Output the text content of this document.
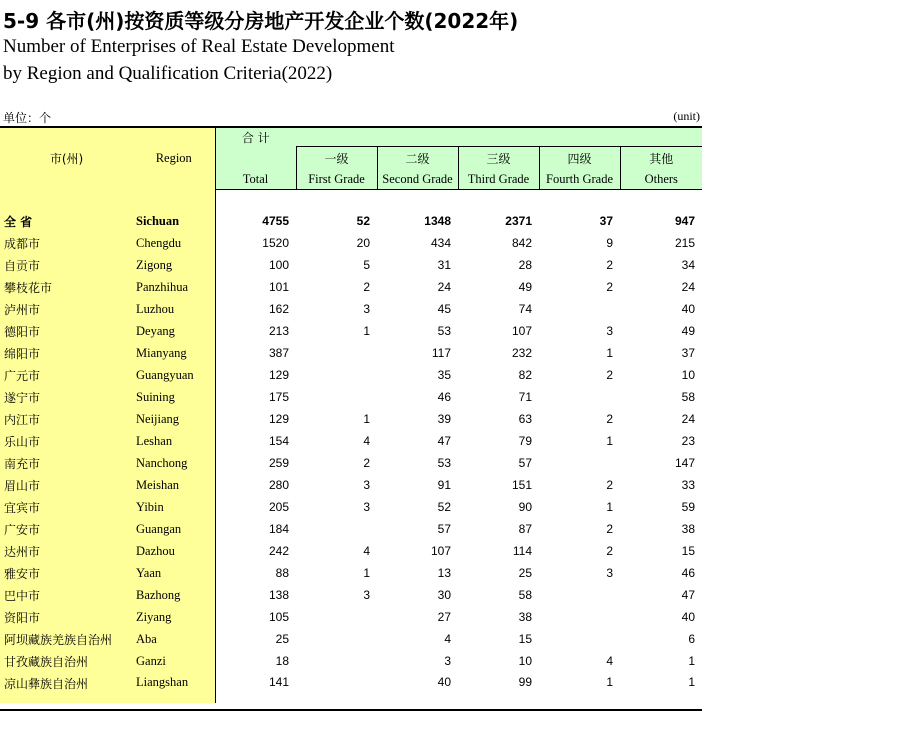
5-9 各市(州)按资质等级分房地产开发企业个数(2022年)
Number of Enterprises of Real Estate Development
by Region and Qualification Criteria(2022)
单位：个	(unit)
市(州)	Region	合 计					
			一级	二级	三级	四级	其他
		Total	First Grade	Second Grade	Third Grade	Fourth Grade	Others

全 省	Sichuan	4755	52	1348	2371	37	947
成都市	Chengdu	1520	20	434	842	9	215
自贡市	Zigong	100	5	31	28	2	34
攀枝花市	Panzhihua	101	2	24	49	2	24
泸州市	Luzhou	162	3	45	74		40
德阳市	Deyang	213	1	53	107	3	49
绵阳市	Mianyang	387		117	232	1	37
广元市	Guangyuan	129		35	82	2	10
遂宁市	Suining	175		46	71		58
内江市	Neijiang	129	1	39	63	2	24
乐山市	Leshan	154	4	47	79	1	23
南充市	Nanchong	259	2	53	57		147
眉山市	Meishan	280	3	91	151	2	33
宜宾市	Yibin	205	3	52	90	1	59
广安市	Guangan	184		57	87	2	38
达州市	Dazhou	242	4	107	114	2	15
雅安市	Yaan	88	1	13	25	3	46
巴中市	Bazhong	138	3	30	58		47
资阳市	Ziyang	105		27	38		40
阿坝藏族羌族自治州	Aba	25		4	15		6
甘孜藏族自治州	Ganzi	18		3	10	4	1
凉山彝族自治州	Liangshan	141		40	99	1	1
